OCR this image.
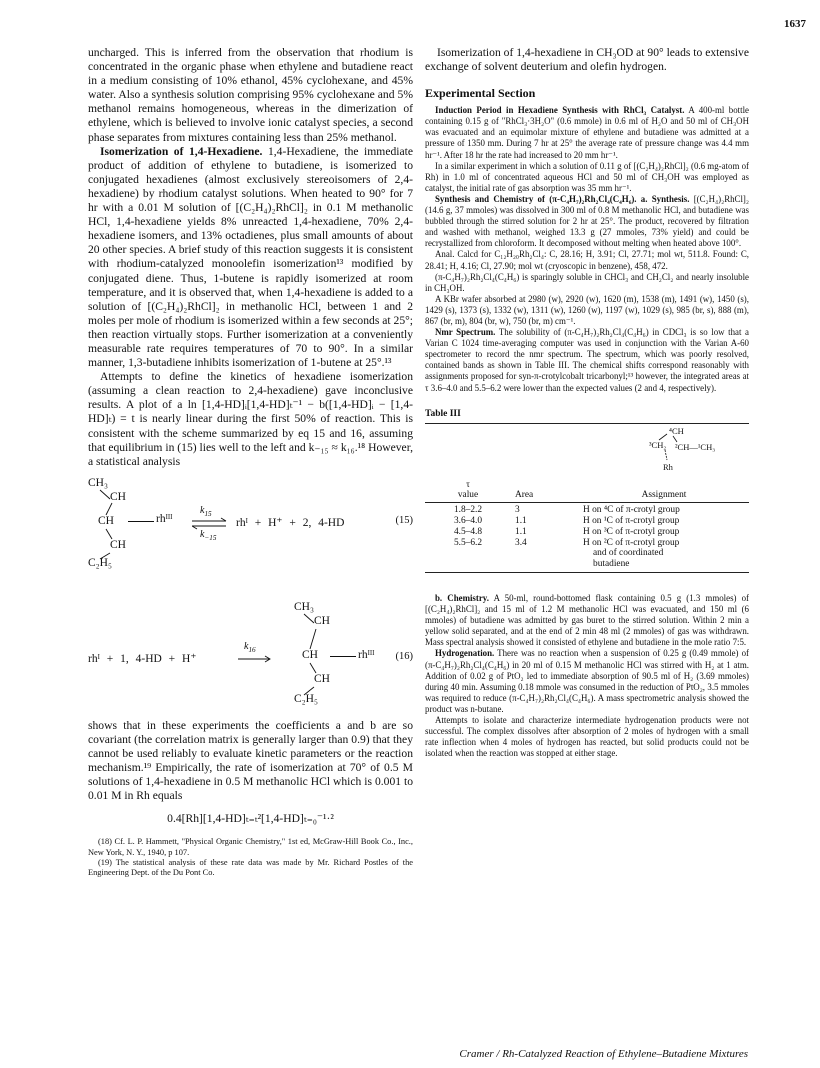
1637

uncharged. This is inferred from the observation that rhodium is concentrated in the organic phase when ethylene and butadiene react in a medium consisting of 10% ethanol, 45% cyclohexane, and 45% water. Also a synthesis solution comprising 95% cyclohexane and 5% methanol remains homogeneous, whereas in the dimerization of ethylene, which is believed to involve ionic catalyst species, a second phase separates from mixtures containing less than 25% methanol.

Isomerization of 1,4-Hexadiene. 1,4-Hexadiene, the immediate product of addition of ethylene to butadiene, is isomerized to conjugated hexadienes (almost exclusively stereoisomers of 2,4-hexadiene) by rhodium catalyst solutions. When heated to 90° for 7 hr with a 0.01 M solution of [(C₂H₄)₂RhCl]₂ in 0.1 M methanolic HCl, 1,4-hexadiene yields 8% unreacted 1,4-hexadiene, 70% 2,4-hexadiene isomers, and 13% octadienes, plus small amounts of about 20 other species. A brief study of this reaction suggests it is consistent with rhodium-catalyzed monoolefin isomerization¹³ modified by conjugated diene. Thus, 1-butene is rapidly isomerized at room temperature, and it is observed that, when 1,4-hexadiene is added to a solution of [(C₂H₄)₂RhCl]₂ in methanolic HCl, between 1 and 2 moles per mole of rhodium is isomerized within a few seconds at 25°; then reaction virtually stops. Further isomerization at a conveniently measurable rate requires temperatures of 70 to 90°. In a similar manner, 1,3-butadiene inhibits isomerization of 1-butene at 25°.¹³

Attempts to define the kinetics of hexadiene isomerization (assuming a clean reaction to 2,4-hexadiene) gave inconclusive results. A plot of a ln [1,4-HD]ᵢ[1,4-HD]ₜ⁻¹ − b([1,4-HD]ᵢ − [1,4-HD]ₜ) = t is nearly linear during the first 50% of reaction. This is consistent with the scheme summarized by eq 15 and 16, assuming that equilibrium in (15) lies well to the left and k₋₁₅ ≈ k₁₆.¹⁸ However, a statistical analysis

CH₃
CH
CH	rhᴵᴵᴵ
CH
C₂H₅
$k_{15}$
$k_{-15}$
rhᴵ + H⁺ + 2, 4-HD	(15)
rhᴵ + 1, 4-HD + H⁺
$k_{16}$
CH₃
CH
CH	rhᴵᴵᴵ
CH
C₂H₅
(16)

shows that in these experiments the coefficients a and b are so covariant (the correlation matrix is generally larger than 0.9) that they cannot be used reliably to evaluate kinetic parameters or the reaction mechanism.¹⁹ Empirically, the rate of isomerization at 70° of 0.5 M solutions of 1,4-hexadiene in 0.5 M methanolic HCl which is 0.001 to 0.01 M in Rh equals

0.4[Rh][1,4-HD]ₜ₌ₜ²[1,4-HD]ₜ₌₀⁻¹·²

(18) Cf. L. P. Hammett, "Physical Organic Chemistry," 1st ed, McGraw-Hill Book Co., Inc., New York, N. Y., 1940, p 107.

(19) The statistical analysis of these rate data was made by Mr. Richard Postles of the Engineering Dept. of the Du Pont Co.

Isomerization of 1,4-hexadiene in CH₃OD at 90° leads to extensive exchange of solvent deuterium and olefin hydrogen.

Experimental Section

Induction Period in Hexadiene Synthesis with RhCl₃ Catalyst. A 400-ml bottle containing 0.15 g of "RhCl₃·3H₂O" (0.6 mmole) in 0.6 ml of H₂O and 50 ml of CH₃OH was evacuated and an equimolar mixture of ethylene and butadiene was admitted at a pressure of 1350 mm. During 7 hr at 25° the average rate of pressure change was 4.4 mm hr⁻¹. After 18 hr the rate had increased to 20 mm hr⁻¹.

In a similar experiment in which a solution of 0.11 g of [(C₂H₄)₂RhCl]₂ (0.6 mg-atom of Rh) in 1.0 ml of concentrated aqueous HCl and 50 ml of CH₃OH was employed as catalyst, the initial rate of gas absorption was 35 mm hr⁻¹.

Synthesis and Chemistry of (π-C₄H₇)₂Rh₂Cl₄(C₄H₆). a. Synthesis. [(C₂H₄)₂RhCl]₂ (14.6 g, 37 mmoles) was dissolved in 300 ml of 0.8 M methanolic HCl, and butadiene was bubbled through the stirred solution for 2 hr at 25°. The product, recovered by filtration and washed with methanol, weighed 13.3 g (27 mmoles, 73% yield) and could be recrystallized from chloroform. It decomposed without melting when heated above 100°.

Anal. Calcd for C₁₂H₂₀Rh₂Cl₄: C, 28.16; H, 3.91; Cl, 27.71; mol wt, 511.8. Found: C, 28.41; H, 4.16; Cl, 27.90; mol wt (cryoscopic in benzene), 458, 472.

(π-C₄H₇)₂Rh₂Cl₄(C₄H₆) is sparingly soluble in CHCl₃ and CH₂Cl₂ and nearly insoluble in CH₃OH.

A KBr wafer absorbed at 2980 (w), 2920 (w), 1620 (m), 1538 (m), 1491 (w), 1450 (s), 1429 (s), 1373 (s), 1332 (w), 1311 (w), 1260 (w), 1197 (w), 1029 (s), 985 (br, s), 888 (m), 867 (br, m), 804 (br, w), 750 (br, m) cm⁻¹.

Nmr Spectrum. The solubility of (π-C₄H₇)₂Rh₂Cl₄(C₄H₆) in CDCl₃ is so low that a Varian C 1024 time-averaging computer was used in conjunction with the Varian A-60 spectrometer to record the nmr spectrum. The spectrum, which was poorly resolved, contained bands as shown in Table III. The chemical shifts correspond reasonably with assignments proposed for syn-π-crotylcobalt tricarbonyl;¹³ however, the integrated areas at τ 3.6–4.0 and 5.5–6.2 were lower than the expected values (2 and 4, respectively).

Table III
⁴CH
³CH₂ ²CH—¹CH₃
Rh
τ		
value	Area	Assignment

1.8–2.2	3	H on ⁴C of π-crotyl group
3.6–4.0	1.1	H on ¹C of π-crotyl group
4.5–4.8	1.1	H on ³C of π-crotyl group
5.5–6.2	3.4	H on ²C of π-crotyl group
		and of coordinated
		butadiene

b. Chemistry. A 50-ml, round-bottomed flask containing 0.5 g (1.3 mmoles) of [(C₂H₄)₂RhCl]₂ and 15 ml of 1.2 M methanolic HCl was evacuated, and 150 ml (6 mmoles) of butadiene was admitted by gas buret to the stirred solution. Within 2 min a yellow solid separated, and at the end of 2 min 48 ml (2 mmoles) of gas was withdrawn. Mass spectral analysis showed it consisted of ethylene and butadiene in the mole ratio 7:5.

Hydrogenation. There was no reaction when a suspension of 0.25 g (0.49 mmole) of (π-C₄H₇)₂Rh₂Cl₄(C₄H₆) in 20 ml of 0.15 M methanolic HCl was stirred with H₂ at 1 atm. Addition of 0.02 g of PtO₂ led to immediate absorption of 90.5 ml of H₂ (3.69 mmoles) during 40 min. Assuming 0.18 mmole was consumed in the reduction of PtO₂, 3.5 mmoles was required to reduce (π-C₄H₇)₂Rh₂Cl₄(C₄H₆). A mass spectrometric analysis showed the product was n-butane.

Attempts to isolate and characterize intermediate hydrogenation products were not successful. The complex dissolves after absorption of 2 moles of hydrogen with a small rate inflection when 4 moles of hydrogen has reacted, but solid products could not be isolated when the reaction was stopped at either stage.

Cramer / Rh-Catalyzed Reaction of Ethylene–Butadiene Mixtures
